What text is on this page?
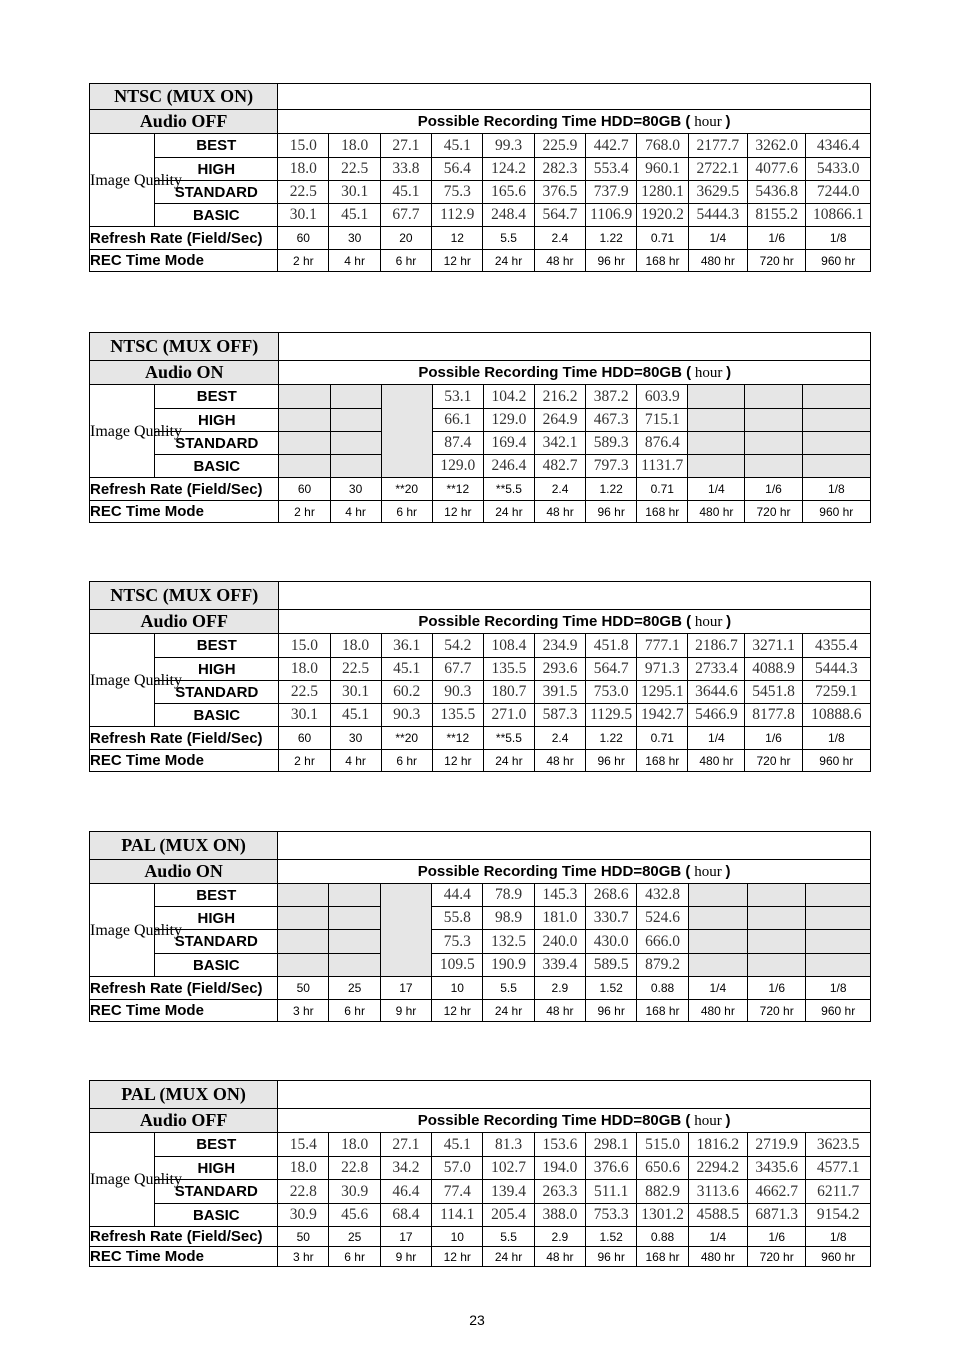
NTSC (MUX ON)												
Audio OFF		Possible Recording Time HDD=80GB ( hour )										
Image Quality	BEST	15.0	18.0	27.1	45.1	99.3	225.9	442.7	768.0	2177.7	3262.0	4346.4
	HIGH	18.0	22.5	33.8	56.4	124.2	282.3	553.4	960.1	2722.1	4077.6	5433.0
	STANDARD	22.5	30.1	45.1	75.3	165.6	376.5	737.9	1280.1	3629.5	5436.8	7244.0
	BASIC	30.1	45.1	67.7	112.9	248.4	564.7	1106.9	1920.2	5444.3	8155.2	10866.1
Refresh Rate (Field/Sec)		60	30	20	12	5.5	2.4	1.22	0.71	1/4	1/6	1/8
REC Time Mode		2 hr	4 hr	6 hr	12 hr	24 hr	48 hr	96 hr	168 hr	480 hr	720 hr	960 hr
NTSC (MUX OFF)												
Audio ON		Possible Recording Time HDD=80GB ( hour )										
Image Quality	BEST				53.1	104.2	216.2	387.2	603.9			
	HIGH				66.1	129.0	264.9	467.3	715.1			
	STANDARD				87.4	169.4	342.1	589.3	876.4			
	BASIC				129.0	246.4	482.7	797.3	1131.7			
Refresh Rate (Field/Sec)		60	30	**20	**12	**5.5	2.4	1.22	0.71	1/4	1/6	1/8
REC Time Mode		2 hr	4 hr	6 hr	12 hr	24 hr	48 hr	96 hr	168 hr	480 hr	720 hr	960 hr
NTSC (MUX OFF)												
Audio OFF		Possible Recording Time HDD=80GB ( hour )										
Image Quality	BEST	15.0	18.0	36.1	54.2	108.4	234.9	451.8	777.1	2186.7	3271.1	4355.4
	HIGH	18.0	22.5	45.1	67.7	135.5	293.6	564.7	971.3	2733.4	4088.9	5444.3
	STANDARD	22.5	30.1	60.2	90.3	180.7	391.5	753.0	1295.1	3644.6	5451.8	7259.1
	BASIC	30.1	45.1	90.3	135.5	271.0	587.3	1129.5	1942.7	5466.9	8177.8	10888.6
Refresh Rate (Field/Sec)		60	30	**20	**12	**5.5	2.4	1.22	0.71	1/4	1/6	1/8
REC Time Mode		2 hr	4 hr	6 hr	12 hr	24 hr	48 hr	96 hr	168 hr	480 hr	720 hr	960 hr
PAL (MUX ON)												
Audio ON		Possible Recording Time HDD=80GB ( hour )										
Image Quality	BEST				44.4	78.9	145.3	268.6	432.8			
	HIGH				55.8	98.9	181.0	330.7	524.6			
	STANDARD				75.3	132.5	240.0	430.0	666.0			
	BASIC				109.5	190.9	339.4	589.5	879.2			
Refresh Rate (Field/Sec)		50	25	17	10	5.5	2.9	1.52	0.88	1/4	1/6	1/8
REC Time Mode		3 hr	6 hr	9 hr	12 hr	24 hr	48 hr	96 hr	168 hr	480 hr	720 hr	960 hr
PAL (MUX ON)												
Audio OFF		Possible Recording Time HDD=80GB ( hour )										
Image Quality	BEST	15.4	18.0	27.1	45.1	81.3	153.6	298.1	515.0	1816.2	2719.9	3623.5
	HIGH	18.0	22.8	34.2	57.0	102.7	194.0	376.6	650.6	2294.2	3435.6	4577.1
	STANDARD	22.8	30.9	46.4	77.4	139.4	263.3	511.1	882.9	3113.6	4662.7	6211.7
	BASIC	30.9	45.6	68.4	114.1	205.4	388.0	753.3	1301.2	4588.5	6871.3	9154.2
Refresh Rate (Field/Sec)		50	25	17	10	5.5	2.9	1.52	0.88	1/4	1/6	1/8
REC Time Mode		3 hr	6 hr	9 hr	12 hr	24 hr	48 hr	96 hr	168 hr	480 hr	720 hr	960 hr
23
